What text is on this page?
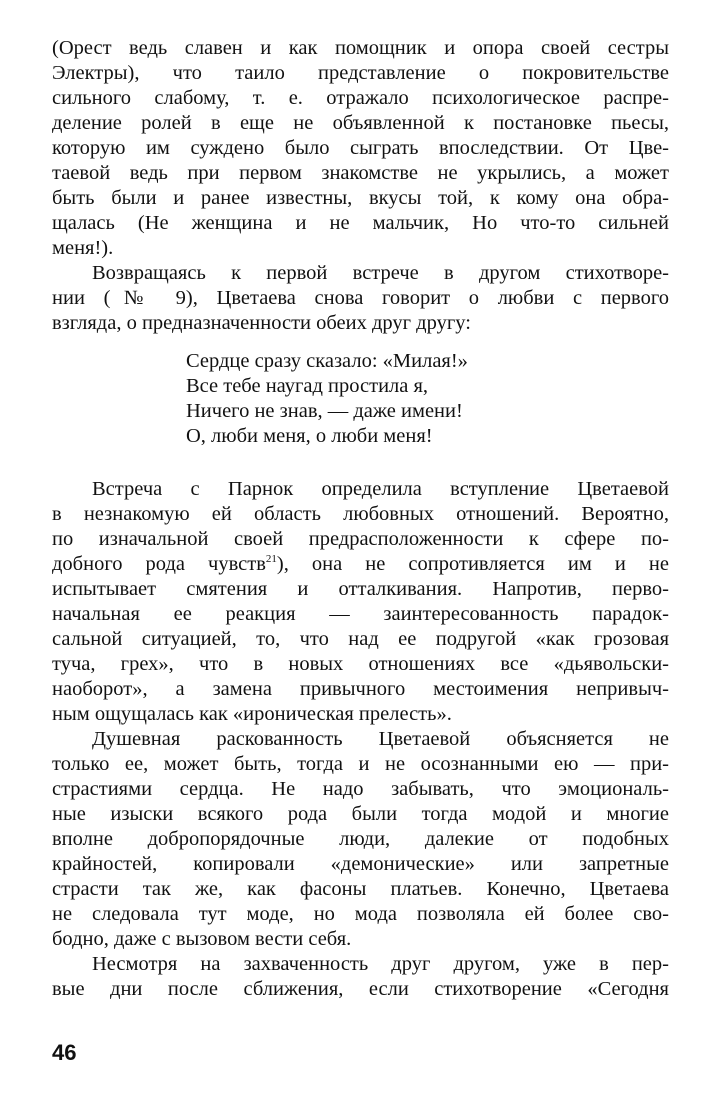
(Орест ведь славен и как помощник и опора своей сестры
Электры), что таило представление о покровительстве
сильного слабому, т. е. отражало психологическое распре-
деление ролей в еще не объявленной к постановке пьесы,
которую им суждено было сыграть впоследствии. От Цве-
таевой ведь при первом знакомстве не укрылись, а может
быть были и ранее известны, вкусы той, к кому она обра-
щалась (Не женщина и не мальчик, Но что-то сильней
меня!).
Возвращаясь к первой встрече в другом стихотворе-
нии (№ 9), Цветаева снова говорит о любви с первого
взгляда, о предназначенности обеих друг другу:
Сердце сразу сказало: «Милая!»
Все тебе наугад простила я,
Ничего не знав, — даже имени!
О, люби меня, о люби меня!
Встреча с Парнок определила вступление Цветаевой
в незнакомую ей область любовных отношений. Вероятно,
по изначальной своей предрасположенности к сфере по-
добного рода чувств$^{21}$), она не сопротивляется им и не
испытывает смятения и отталкивания. Напротив, перво-
начальная ее реакция — заинтересованность парадок-
сальной ситуацией, то, что над ее подругой «как грозовая
туча, грех», что в новых отношениях все «дьявольски-
наоборот», а замена привычного местоимения непривыч-
ным ощущалась как «ироническая прелесть».
Душевная раскованность Цветаевой объясняется не
только ее, может быть, тогда и не осознанными ею — при-
страстиями сердца. Не надо забывать, что эмоциональ-
ные изыски всякого рода были тогда модой и многие
вполне добропорядочные люди, далекие от подобных
крайностей, копировали «демонические» или запретные
страсти так же, как фасоны платьев. Конечно, Цветаева
не следовала тут моде, но мода позволяла ей более сво-
бодно, даже с вызовом вести себя.
Несмотря на захваченность друг другом, уже в пер-
вые дни после сближения, если стихотворение «Сегодня
46
